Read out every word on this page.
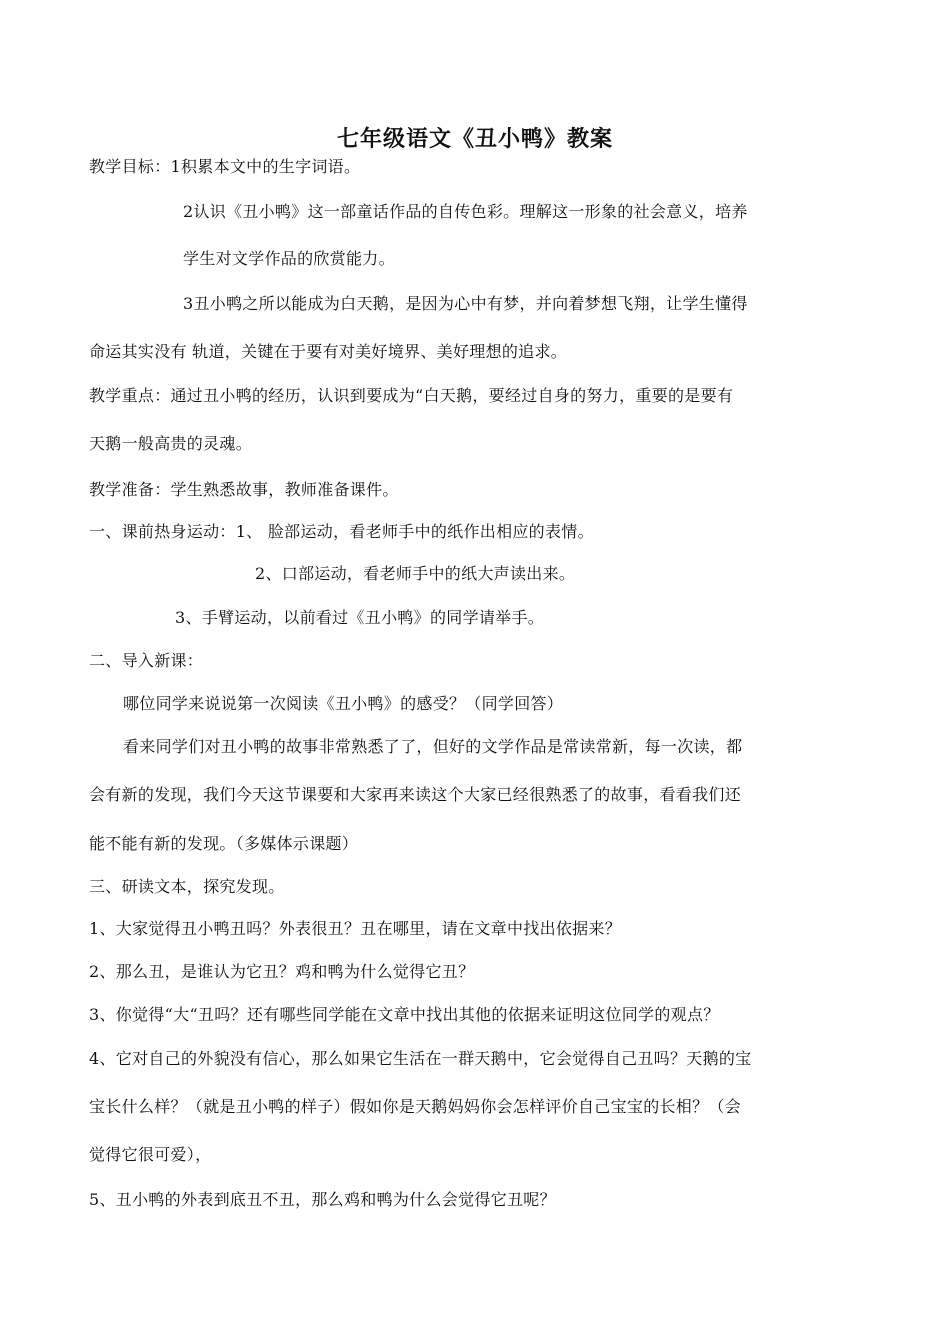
七年级语文《丑小鸭》教案
教学目标：1积累本文中的生字词语。
2认识《丑小鸭》这一部童话作品的自传色彩。理解这一形象的社会意义，培养
学生对文学作品的欣赏能力。
3丑小鸭之所以能成为白天鹅，是因为心中有梦，并向着梦想飞翔，让学生懂得
命运其实没有 轨道，关键在于要有对美好境界、美好理想的追求。
教学重点：通过丑小鸭的经历，认识到要成为“白天鹅，要经过自身的努力，重要的是要有
天鹅一般高贵的灵魂。
教学准备：学生熟悉故事，教师准备课件。
一、课前热身运动：1、 脸部运动，看老师手中的纸作出相应的表情。
2、口部运动，看老师手中的纸大声读出来。
3、手臂运动，以前看过《丑小鸭》的同学请举手。
二、导入新课：
哪位同学来说说第一次阅读《丑小鸭》的感受？（同学回答）
看来同学们对丑小鸭的故事非常熟悉了了，但好的文学作品是常读常新，每一次读，都
会有新的发现，我们今天这节课要和大家再来读这个大家已经很熟悉了的故事，看看我们还
能不能有新的发现。（多媒体示课题）
三、研读文本，探究发现。
1、大家觉得丑小鸭丑吗？外表很丑？丑在哪里，请在文章中找出依据来？
2、那么丑，是谁认为它丑？鸡和鸭为什么觉得它丑？
3、你觉得“大“丑吗？还有哪些同学能在文章中找出其他的依据来证明这位同学的观点？
4、它对自己的外貌没有信心，那么如果它生活在一群天鹅中，它会觉得自己丑吗？天鹅的宝
宝长什么样？（就是丑小鸭的样子）假如你是天鹅妈妈你会怎样评价自己宝宝的长相？（会
觉得它很可爱），
5、丑小鸭的外表到底丑不丑，那么鸡和鸭为什么会觉得它丑呢？
